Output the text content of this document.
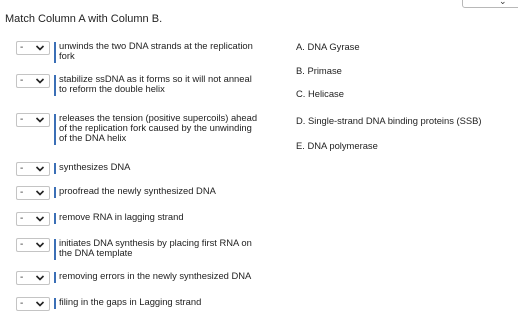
Match Column A with Column B.
⌄
-	unwinds the two DNA strands at the replication
fork
-	stabilize ssDNA as it forms so it will not anneal
to reform the double helix
-	releases the tension (positive supercoils) ahead
of the replication fork caused by the unwinding
of the DNA helix
-	synthesizes DNA
-	proofread the newly synthesized DNA
-	remove RNA in lagging strand
-	initiates DNA synthesis by placing first RNA on
the DNA template
-	removing errors in the newly synthesized DNA
-	filing in the gaps in Lagging strand
A. DNA Gyrase
B. Primase
C. Helicase
D. Single-strand DNA binding proteins (SSB)
E. DNA polymerase
